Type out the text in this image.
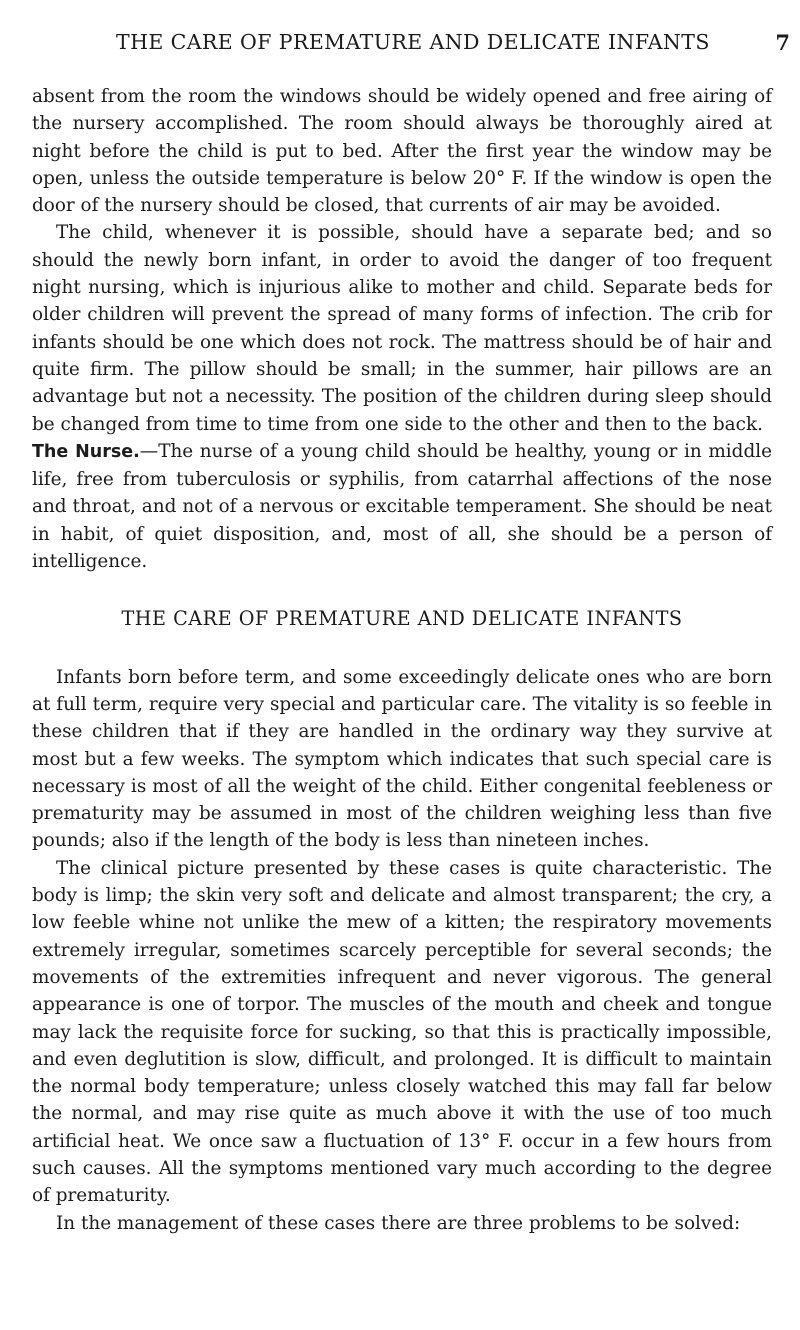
THE CARE OF PREMATURE AND DELICATE INFANTS	7

absent from the room the windows should be widely opened and free airing of the nursery accomplished. The room should always be thoroughly aired at night before the child is put to bed. After the first year the window may be open, unless the outside temperature is below 20° F. If the window is open the door of the nursery should be closed, that currents of air may be avoided.

The child, whenever it is possible, should have a separate bed; and so should the newly born infant, in order to avoid the danger of too frequent night nursing, which is injurious alike to mother and child. Separate beds for older children will prevent the spread of many forms of infection. The crib for infants should be one which does not rock. The mattress should be of hair and quite firm. The pillow should be small; in the summer, hair pillows are an advantage but not a necessity. The position of the children during sleep should be changed from time to time from one side to the other and then to the back.

The Nurse.—The nurse of a young child should be healthy, young or in middle life, free from tuberculosis or syphilis, from catarrhal affections of the nose and throat, and not of a nervous or excitable temperament. She should be neat in habit, of quiet disposition, and, most of all, she should be a person of intelligence.

THE CARE OF PREMATURE AND DELICATE INFANTS

Infants born before term, and some exceedingly delicate ones who are born at full term, require very special and particular care. The vitality is so feeble in these children that if they are handled in the ordinary way they survive at most but a few weeks. The symptom which indicates that such special care is necessary is most of all the weight of the child. Either congenital feebleness or prematurity may be assumed in most of the children weighing less than five pounds; also if the length of the body is less than nineteen inches.

The clinical picture presented by these cases is quite characteristic. The body is limp; the skin very soft and delicate and almost transparent; the cry, a low feeble whine not unlike the mew of a kitten; the respiratory movements extremely irregular, sometimes scarcely perceptible for several seconds; the movements of the extremities infrequent and never vigorous. The general appearance is one of torpor. The muscles of the mouth and cheek and tongue may lack the requisite force for sucking, so that this is practically impossible, and even deglutition is slow, difficult, and prolonged. It is difficult to maintain the normal body temperature; unless closely watched this may fall far below the normal, and may rise quite as much above it with the use of too much artificial heat. We once saw a fluctuation of 13° F. occur in a few hours from such causes. All the symptoms mentioned vary much according to the degree of prematurity.

In the management of these cases there are three problems to be solved:
